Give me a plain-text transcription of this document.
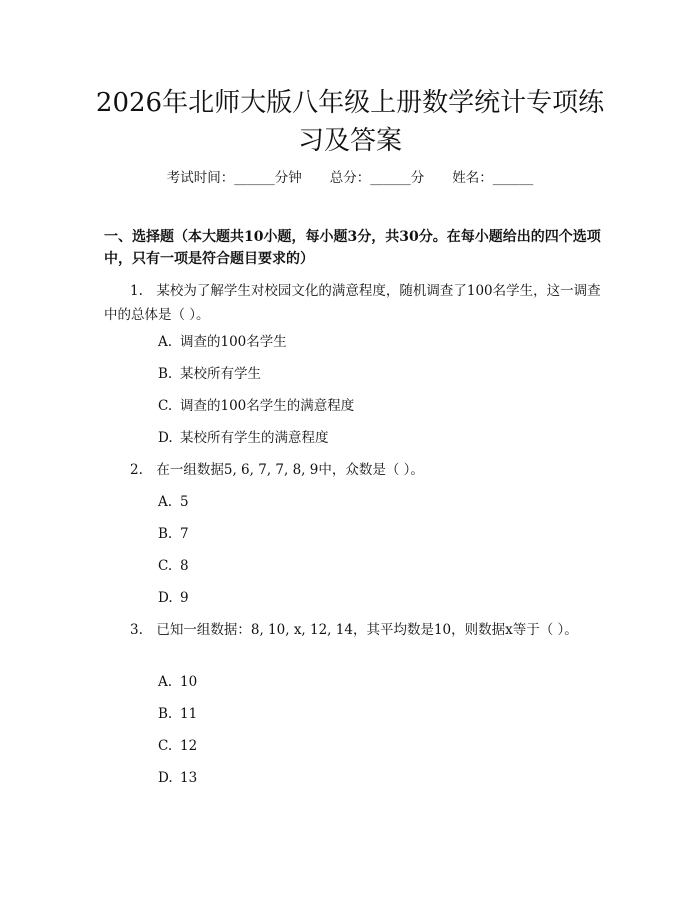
2026年北师大版八年级上册数学统计专项练习及答案
考试时间：______分钟 总分：______分 姓名：______

一、选择题（本大题共10小题，每小题3分，共30分。在每小题给出的四个选项中，只有一项是符合题目要求的）

1.　某校为了解学生对校园文化的满意程度，随机调查了100名学生，这一调查中的总体是（ ）。

A. 调查的100名学生
B. 某校所有学生
C. 调查的100名学生的满意程度
D. 某校所有学生的满意程度

2.　在一组数据5, 6, 7, 7, 8, 9中，众数是（ ）。

A. 5
B. 7
C. 8
D. 9

3.　已知一组数据：8, 10, x, 12, 14，其平均数是10，则数据x等于（ ）。

A. 10
B. 11
C. 12
D. 13
